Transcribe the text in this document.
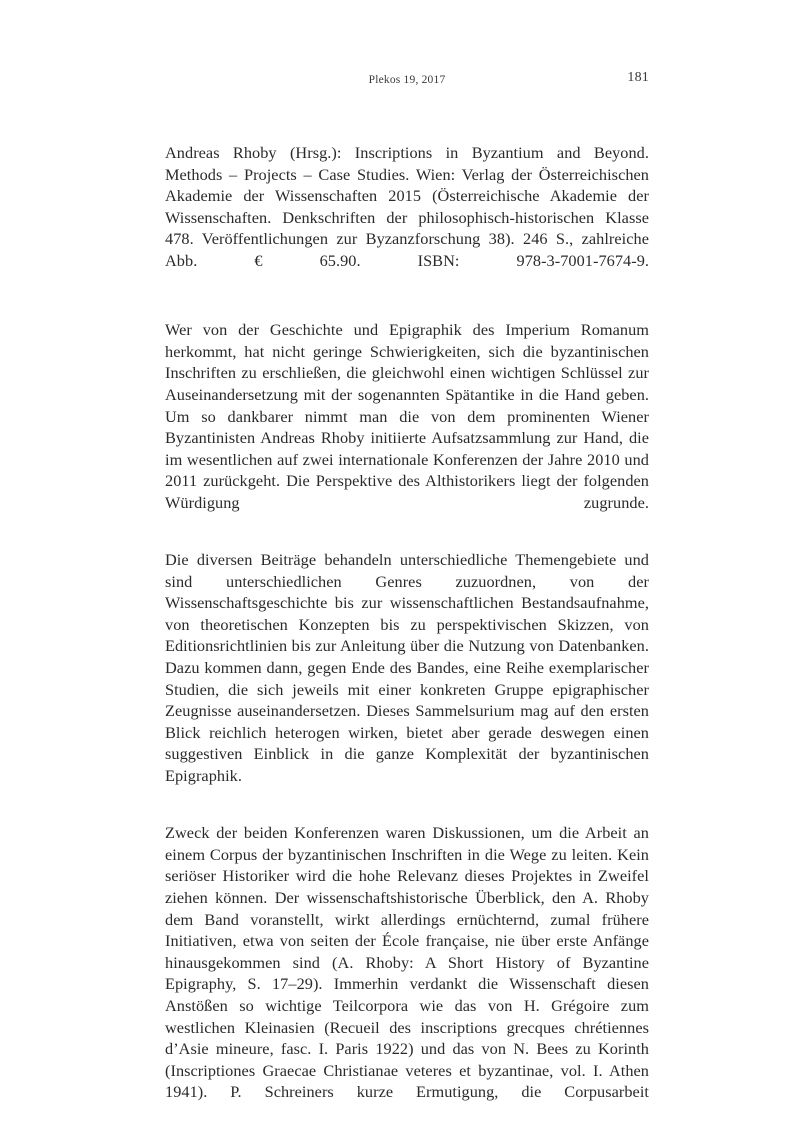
Plekos 19, 2017	181

Andreas Rhoby (Hrsg.): Inscriptions in Byzantium and Beyond. Methods – Projects – Case Studies. Wien: Verlag der Österreichischen Akademie der Wissenschaften 2015 (Österreichische Akademie der Wissenschaften. Denkschriften der philosophisch-historischen Klasse 478. Veröffentlichungen zur Byzanzforschung 38). 246 S., zahlreiche Abb. € 65.90. ISBN: 978-3-7001-7674-9.

Wer von der Geschichte und Epigraphik des Imperium Romanum herkommt, hat nicht geringe Schwierigkeiten, sich die byzantinischen Inschriften zu erschließen, die gleichwohl einen wichtigen Schlüssel zur Auseinandersetzung mit der sogenannten Spätantike in die Hand geben. Um so dankbarer nimmt man die von dem prominenten Wiener Byzantinisten Andreas Rhoby initiierte Aufsatzsammlung zur Hand, die im wesentlichen auf zwei internationale Konferenzen der Jahre 2010 und 2011 zurückgeht. Die Perspektive des Althistorikers liegt der folgenden Würdigung zugrunde.

Die diversen Beiträge behandeln unterschiedliche Themengebiete und sind unterschiedlichen Genres zuzuordnen, von der Wissenschaftsgeschichte bis zur wissenschaftlichen Bestandsaufnahme, von theoretischen Konzepten bis zu perspektivischen Skizzen, von Editionsrichtlinien bis zur Anleitung über die Nutzung von Datenbanken. Dazu kommen dann, gegen Ende des Bandes, eine Reihe exemplarischer Studien, die sich jeweils mit einer konkreten Gruppe epigraphischer Zeugnisse auseinandersetzen. Dieses Sammelsurium mag auf den ersten Blick reichlich heterogen wirken, bietet aber gerade deswegen einen suggestiven Einblick in die ganze Komplexität der byzantinischen Epigraphik.

Zweck der beiden Konferenzen waren Diskussionen, um die Arbeit an einem Corpus der byzantinischen Inschriften in die Wege zu leiten. Kein seriöser Historiker wird die hohe Relevanz dieses Projektes in Zweifel ziehen können. Der wissenschaftshistorische Überblick, den A. Rhoby dem Band voranstellt, wirkt allerdings ernüchternd, zumal frühere Initiativen, etwa von seiten der École française, nie über erste Anfänge hinausgekommen sind (A. Rhoby: A Short History of Byzantine Epigraphy, S. 17–29). Immerhin verdankt die Wissenschaft diesen Anstößen so wichtige Teilcorpora wie das von H. Grégoire zum westlichen Kleinasien (Recueil des inscriptions grecques chrétiennes d’Asie mineure, fasc. I. Paris 1922) und das von N. Bees zu Korinth (Inscriptiones Graecae Christianae veteres et byzantinae, vol. I. Athen 1941). P. Schreiners kurze Ermutigung, die Corpusarbeit
